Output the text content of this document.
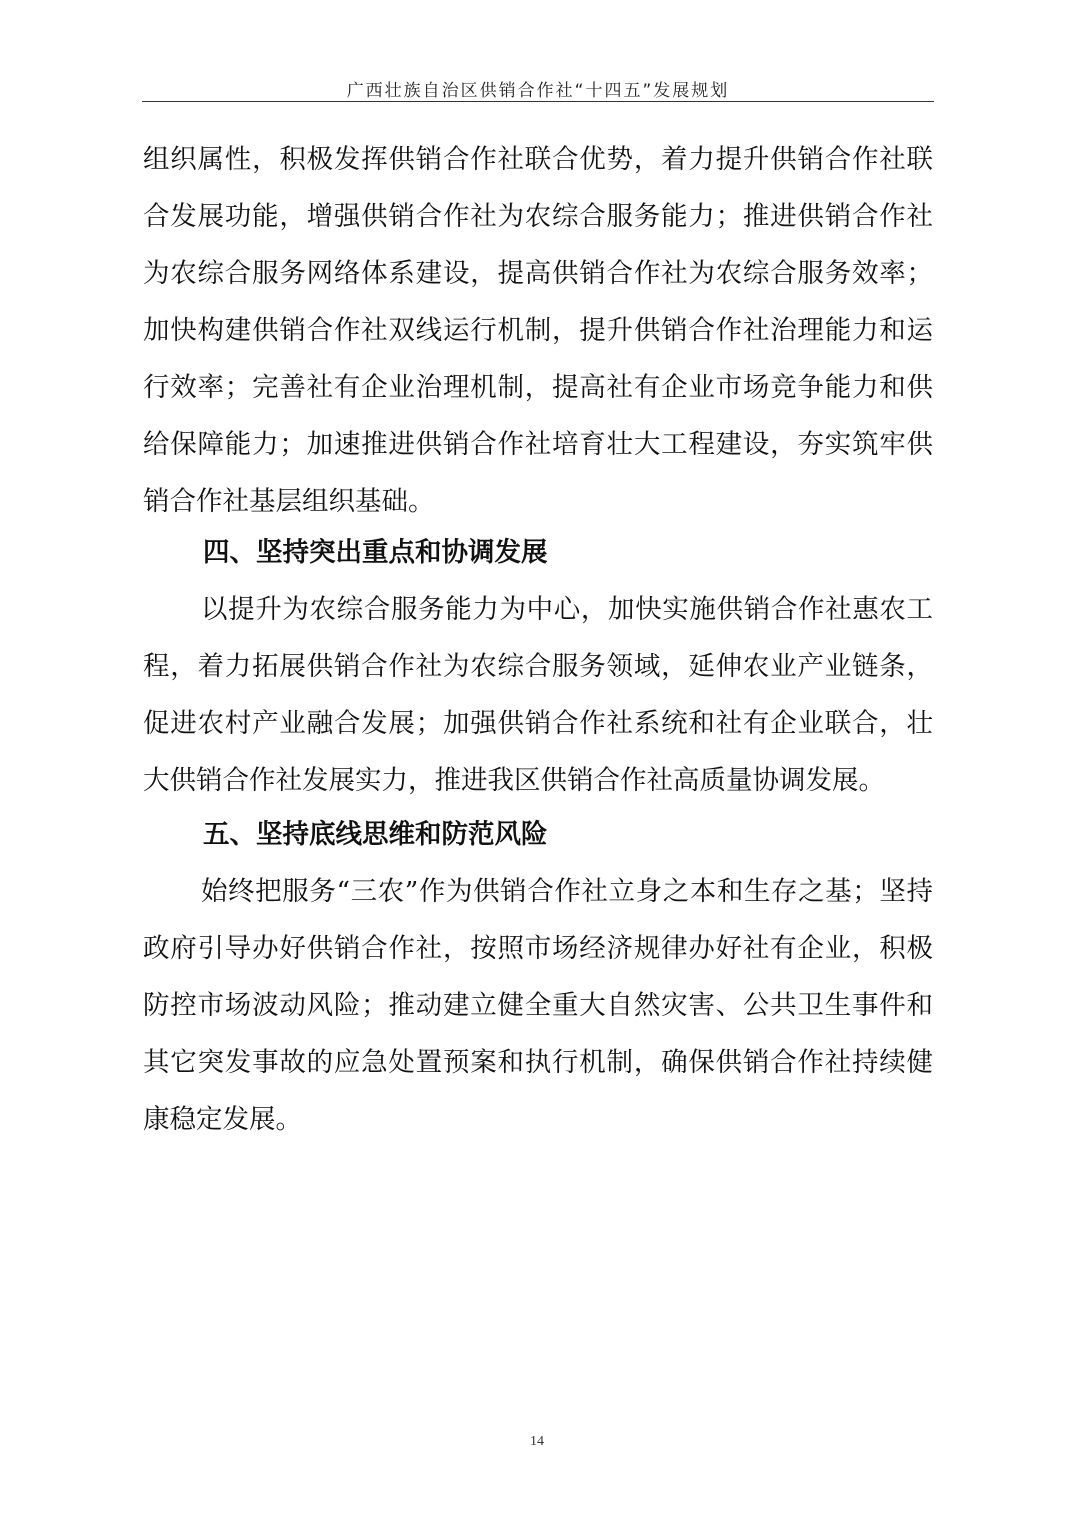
广西壮族自治区供销合作社“十四五”发展规划
组织属性，积极发挥供销合作社联合优势，着力提升供销合作社联合发展功能，增强供销合作社为农综合服务能力；推进供销合作社为农综合服务网络体系建设，提高供销合作社为农综合服务效率；加快构建供销合作社双线运行机制，提升供销合作社治理能力和运行效率；完善社有企业治理机制，提高社有企业市场竞争能力和供给保障能力；加速推进供销合作社培育壮大工程建设，夯实筑牢供销合作社基层组织基础。
四、坚持突出重点和协调发展
以提升为农综合服务能力为中心，加快实施供销合作社惠农工程，着力拓展供销合作社为农综合服务领域，延伸农业产业链条，促进农村产业融合发展；加强供销合作社系统和社有企业联合，壮大供销合作社发展实力，推进我区供销合作社高质量协调发展。
五、坚持底线思维和防范风险
始终把服务“三农”作为供销合作社立身之本和生存之基；坚持政府引导办好供销合作社，按照市场经济规律办好社有企业，积极防控市场波动风险；推动建立健全重大自然灾害、公共卫生事件和其它突发事故的应急处置预案和执行机制，确保供销合作社持续健康稳定发展。
14
